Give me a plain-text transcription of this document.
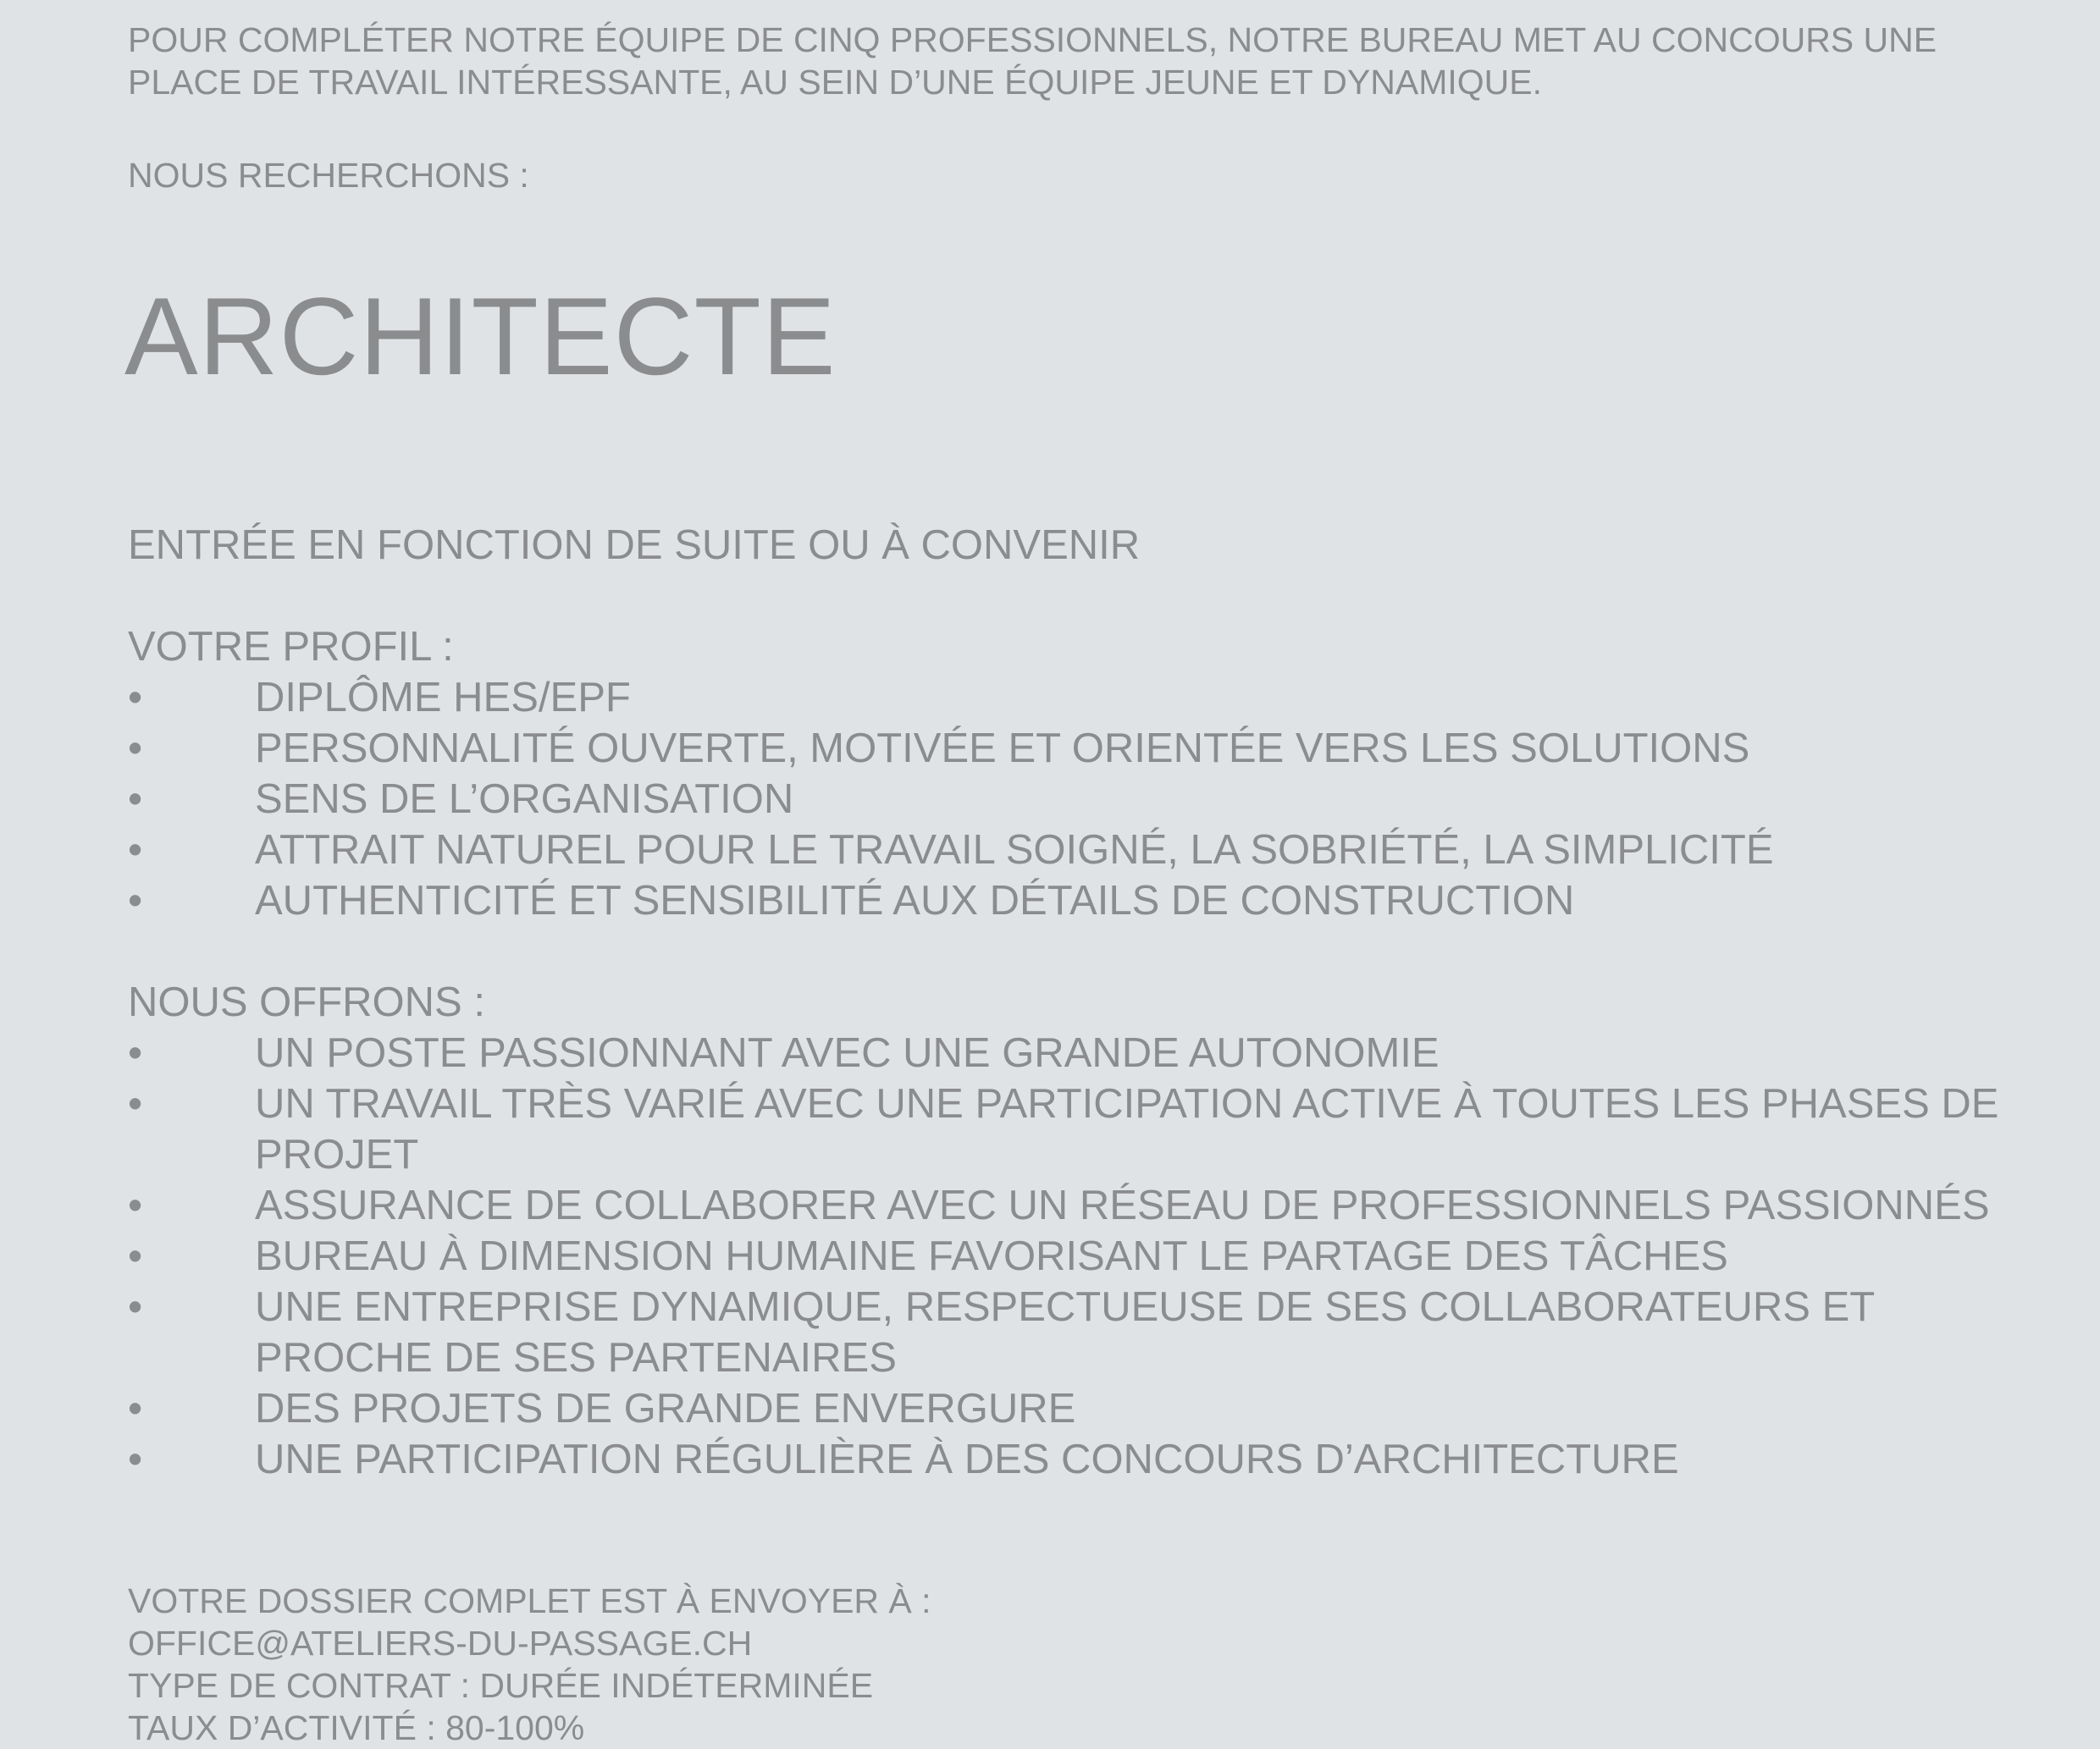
POUR COMPLÉTER NOTRE ÉQUIPE DE CINQ PROFESSIONNELS, NOTRE BUREAU MET AU CONCOURS UNE

PLACE DE TRAVAIL INTÉRESSANTE, AU SEIN D’UNE ÉQUIPE JEUNE ET DYNAMIQUE.

NOUS RECHERCHONS :

ARCHITECTE

ENTRÉE EN FONCTION DE SUITE OU À CONVENIR

VOTRE PROFIL :

•	DIPLÔME HES/EPF
•	PERSONNALITÉ OUVERTE, MOTIVÉE ET ORIENTÉE VERS LES SOLUTIONS
•	SENS DE L’ORGANISATION
•	ATTRAIT NATUREL POUR LE TRAVAIL SOIGNÉ, LA SOBRIÉTÉ, LA SIMPLICITÉ
•	AUTHENTICITÉ ET SENSIBILITÉ AUX DÉTAILS DE CONSTRUCTION

NOUS OFFRONS :

•	UN POSTE PASSIONNANT AVEC UNE GRANDE AUTONOMIE
•	UN TRAVAIL TRÈS VARIÉ AVEC UNE PARTICIPATION ACTIVE À TOUTES LES PHASES DE PROJET
•	ASSURANCE DE COLLABORER AVEC UN RÉSEAU DE PROFESSIONNELS PASSIONNÉS
•	BUREAU À DIMENSION HUMAINE FAVORISANT LE PARTAGE DES TÂCHES
•	UNE ENTREPRISE DYNAMIQUE, RESPECTUEUSE DE SES COLLABORATEURS ET PROCHE DE SES PARTENAIRES
•	DES PROJETS DE GRANDE ENVERGURE
•	UNE PARTICIPATION RÉGULIÈRE À DES CONCOURS D’ARCHITECTURE

VOTRE DOSSIER COMPLET EST À ENVOYER À :

OFFICE@ATELIERS-DU-PASSAGE.CH

TYPE DE CONTRAT : DURÉE INDÉTERMINÉE

TAUX D’ACTIVITÉ : 80-100%
